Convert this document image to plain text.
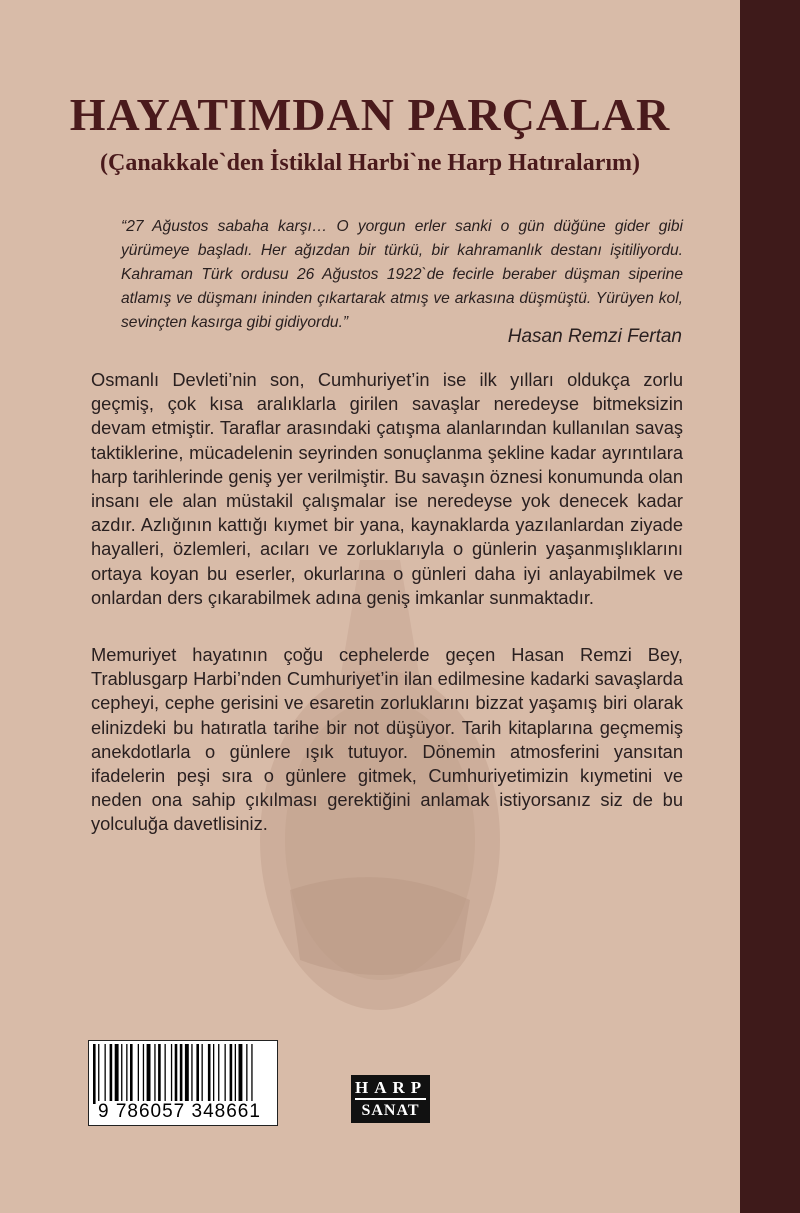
HAYATIMDAN PARÇALAR
(Çanakkale`den İstiklal Harbi`ne Harp Hatıralarım)

“27 Ağustos sabaha karşı… O yorgun erler sanki o gün düğüne gider gibi yürümeye başladı. Her ağızdan bir türkü, bir kahramanlık destanı işitiliyordu. Kahraman Türk ordusu 26 Ağustos 1922`de fecirle beraber düşman siperine atlamış ve düşmanı ininden çıkartarak atmış ve arkasına düşmüştü. Yürüyen kol, sevinçten kasırga gibi gidiyordu.”

Hasan Remzi Fertan

Osmanlı Devleti’nin son, Cumhuriyet’in ise ilk yılları oldukça zorlu geçmiş, çok kısa aralıklarla girilen savaşlar neredeyse bitmeksizin devam etmiştir. Taraflar arasındaki çatışma alanlarından kullanılan savaş taktiklerine, mücadelenin seyrinden sonuçlanma şekline kadar ayrıntılara harp tarihlerinde geniş yer verilmiştir. Bu savaşın öznesi konumunda olan insanı ele alan müstakil çalışmalar ise neredeyse yok denecek kadar azdır. Azlığının kattığı kıymet bir yana, kaynaklarda yazılanlardan ziyade hayalleri, özlemleri, acıları ve zorluklarıyla o günlerin yaşanmışlıklarını ortaya koyan bu eserler, okurlarına o günleri daha iyi anlayabilmek ve onlardan ders çıkarabilmek adına geniş imkanlar sunmaktadır.

Memuriyet hayatının çoğu cephelerde geçen Hasan Remzi Bey, Trablusgarp Harbi’nden Cumhuriyet’in ilan edilmesine kadarki savaşlarda cepheyi, cephe gerisini ve esaretin zorluklarını bizzat yaşamış biri olarak elinizdeki bu hatıratla tarihe bir not düşüyor. Tarih kitaplarına geçmemiş anekdotlarla o günlere ışık tutuyor. Dönemin atmosferini yansıtan ifadelerin peşi sıra o günlere gitmek, Cumhuriyetimizin kıymetini ve neden ona sahip çıkılması gerektiğini anlamak istiyorsanız siz de bu yolculuğa davetlisiniz.

9 786057 348661
HARP
SANAT
